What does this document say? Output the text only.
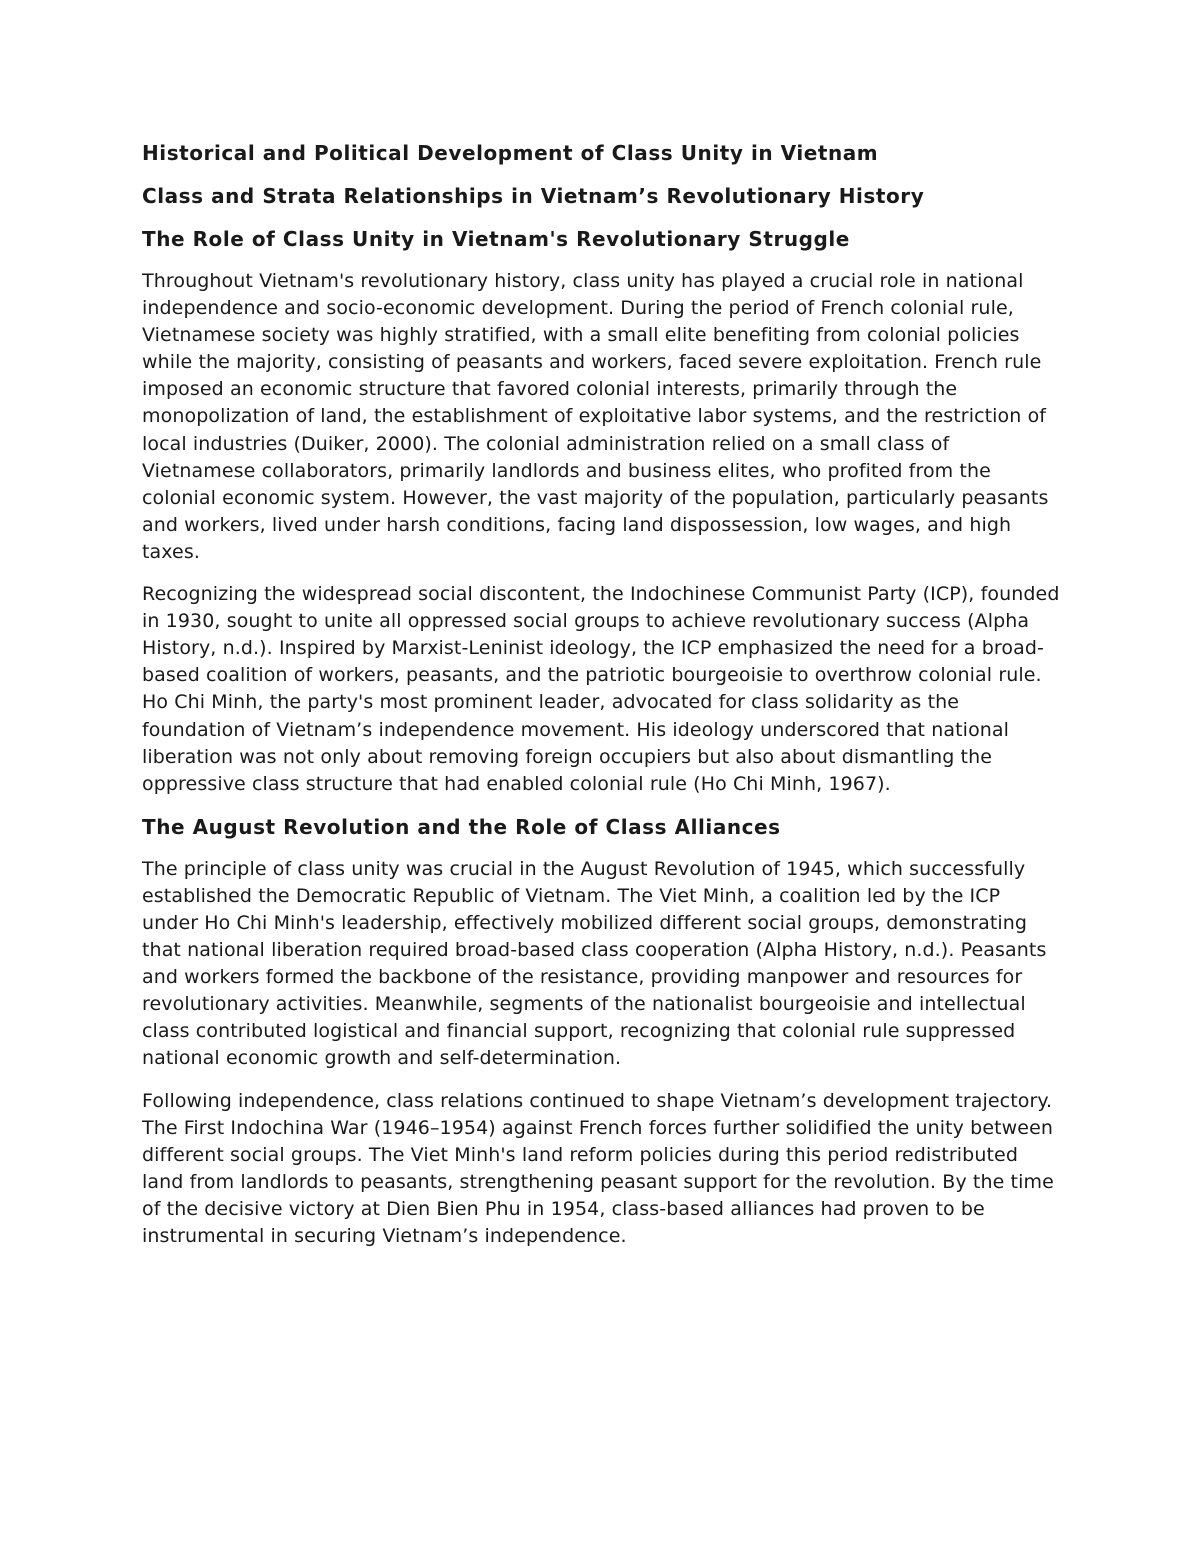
Historical and Political Development of Class Unity in Vietnam
Class and Strata Relationships in Vietnam’s Revolutionary History
The Role of Class Unity in Vietnam's Revolutionary Struggle

Throughout Vietnam's revolutionary history, class unity has played a crucial role in national independence and socio-economic development. During the period of French colonial rule, Vietnamese society was highly stratified, with a small elite benefiting from colonial policies while the majority, consisting of peasants and workers, faced severe exploitation. French rule imposed an economic structure that favored colonial interests, primarily through the monopolization of land, the establishment of exploitative labor systems, and the restriction of local industries (Duiker, 2000). The colonial administration relied on a small class of Vietnamese collaborators, primarily landlords and business elites, who profited from the colonial economic system. However, the vast majority of the population, particularly peasants and workers, lived under harsh conditions, facing land dispossession, low wages, and high taxes.

Recognizing the widespread social discontent, the Indochinese Communist Party (ICP), founded in 1930, sought to unite all oppressed social groups to achieve revolutionary success (Alpha History, n.d.). Inspired by Marxist-Leninist ideology, the ICP emphasized the need for a broad-based coalition of workers, peasants, and the patriotic bourgeoisie to overthrow colonial rule. Ho Chi Minh, the party's most prominent leader, advocated for class solidarity as the foundation of Vietnam’s independence movement. His ideology underscored that national liberation was not only about removing foreign occupiers but also about dismantling the oppressive class structure that had enabled colonial rule (Ho Chi Minh, 1967).

The August Revolution and the Role of Class Alliances

The principle of class unity was crucial in the August Revolution of 1945, which successfully established the Democratic Republic of Vietnam. The Viet Minh, a coalition led by the ICP under Ho Chi Minh's leadership, effectively mobilized different social groups, demonstrating that national liberation required broad-based class cooperation (Alpha History, n.d.). Peasants and workers formed the backbone of the resistance, providing manpower and resources for revolutionary activities. Meanwhile, segments of the nationalist bourgeoisie and intellectual class contributed logistical and financial support, recognizing that colonial rule suppressed national economic growth and self-determination.

Following independence, class relations continued to shape Vietnam’s development trajectory. The First Indochina War (1946–1954) against French forces further solidified the unity between different social groups. The Viet Minh's land reform policies during this period redistributed land from landlords to peasants, strengthening peasant support for the revolution. By the time of the decisive victory at Dien Bien Phu in 1954, class-based alliances had proven to be instrumental in securing Vietnam’s independence.
